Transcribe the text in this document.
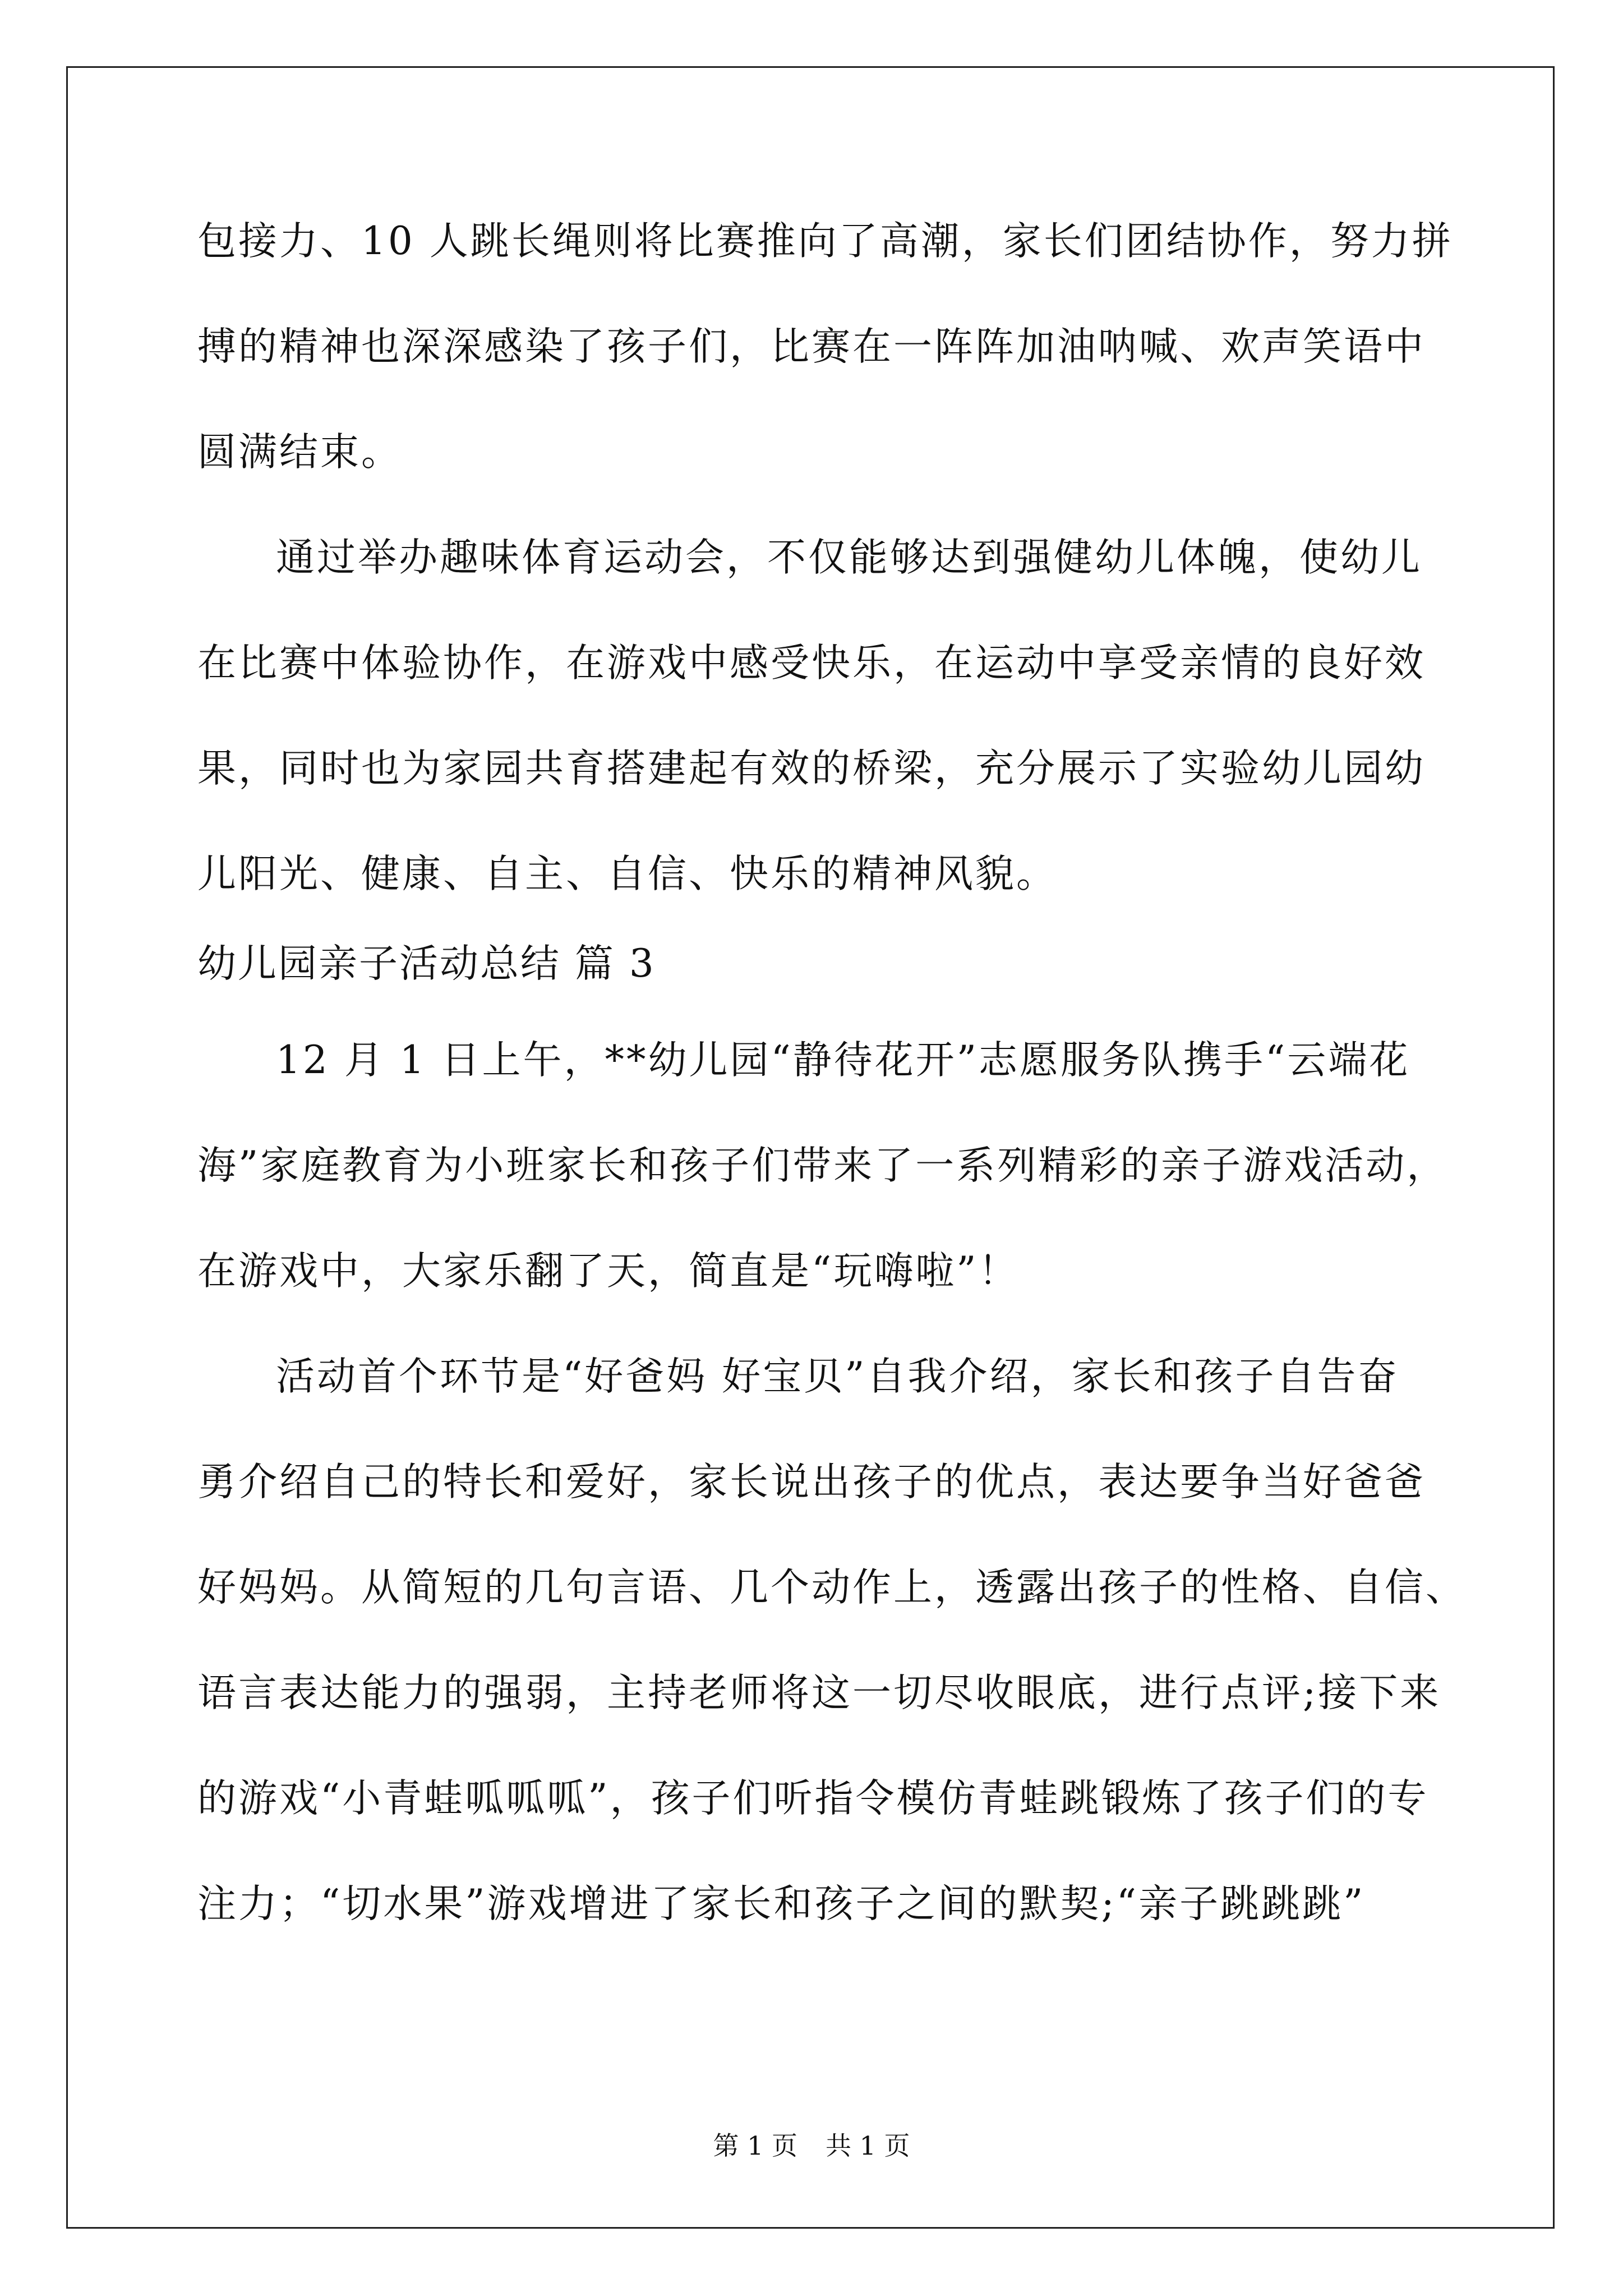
包接力、10 人跳长绳则将比赛推向了高潮，家长们团结协作，努力拼
搏的精神也深深感染了孩子们，比赛在一阵阵加油呐喊、欢声笑语中
圆满结束。
通过举办趣味体育运动会，不仅能够达到强健幼儿体魄，使幼儿
在比赛中体验协作，在游戏中感受快乐，在运动中享受亲情的良好效
果，同时也为家园共育搭建起有效的桥梁，充分展示了实验幼儿园幼
儿阳光、健康、自主、自信、快乐的精神风貌。
幼儿园亲子活动总结 篇 3
12 月 1 日上午，**幼儿园“静待花开”志愿服务队携手“云端花
海”家庭教育为小班家长和孩子们带来了一系列精彩的亲子游戏活动，
在游戏中，大家乐翻了天，简直是“玩嗨啦”！
活动首个环节是“好爸妈 好宝贝”自我介绍，家长和孩子自告奋
勇介绍自己的特长和爱好，家长说出孩子的优点，表达要争当好爸爸
好妈妈。从简短的几句言语、几个动作上，透露出孩子的性格、自信、
语言表达能力的强弱，主持老师将这一切尽收眼底，进行点评;接下来
的游戏“小青蛙呱呱呱”，孩子们听指令模仿青蛙跳锻炼了孩子们的专
注力；“切水果”游戏增进了家长和孩子之间的默契;“亲子跳跳跳”
第 1 页 共 1 页
